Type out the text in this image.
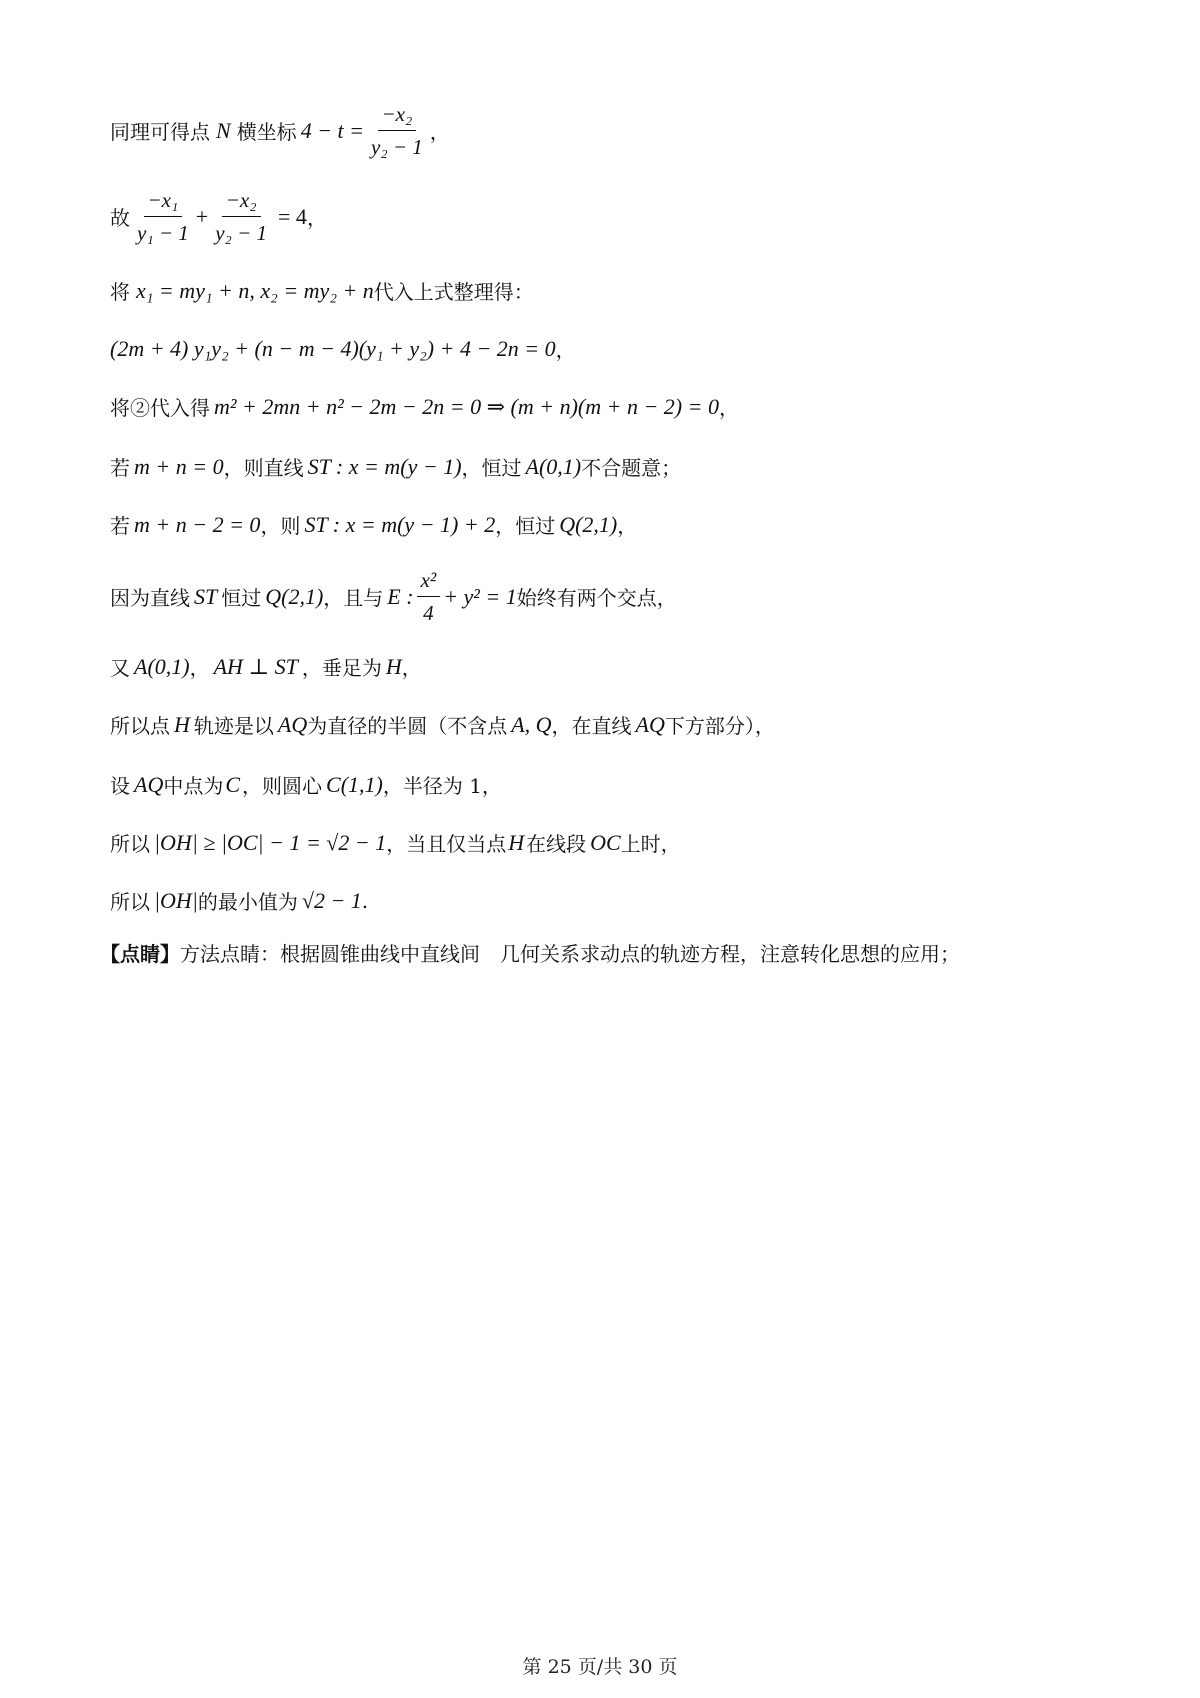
同理可得点 N 横坐标 $4 - t = \frac{\text{−x₂}}{\text{y₂ − 1}}$ ，
故 $\frac{\text{−x₁}}{\text{y₁ − 1}} + \frac{\text{−x₂}}{\text{y₂ − 1}} = 4$ ，
将 x₁ = my₁ + n, x₂ = my₂ + n 代入上式整理得：
(2m + 4) y₁y₂ + (n − m − 4)(y₁ + y₂) + 4 − 2n = 0 ，
将②代入得 m² + 2mn + n² − 2m − 2n = 0 ⇒ (m + n)(m + n − 2) = 0 ，
若 m + n = 0 ，则直线 ST : x = m(y − 1) ，恒过 A(0,1) 不合题意；
若 m + n − 2 = 0 ，则 ST : x = m(y − 1) + 2 ，恒过 Q(2,1) ，
因为直线 ST 恒过 Q(2,1) ，且与 E : $\frac{\text{x²}}{4} + y^2 = 1$ 始终有两个交点，
又 A(0,1) ， AH ⊥ ST ，垂足为 H ，
所以点 H 轨迹是以 AQ 为直径的半圆（不含点 A, Q ，在直线 AQ 下方部分），
设 AQ 中点为 C ，则圆心 C(1,1) ，半径为 1，
所以 |OH| ≥ |OC| − 1 = √2 − 1 ，当且仅当点 H 在线段 OC 上时，
所以 |OH| 的最小值为 √2 − 1 .
【点睛】 方法点睛：根据圆锥曲线中直线间　几何关系求动点的轨迹方程，注意转化思想的应用；
第 25 页/共 30 页
